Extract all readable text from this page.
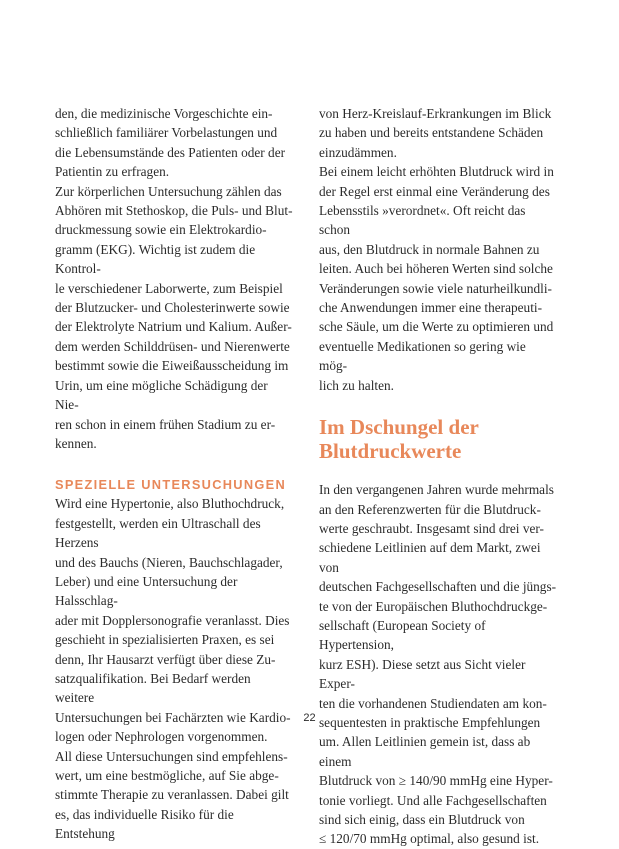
den, die medizinische Vorgeschichte ein-
schließlich familiärer Vorbelastungen und
die Lebensumstände des Patienten oder der
Patientin zu erfragen.

Zur körperlichen Untersuchung zählen das
Abhören mit Stethoskop, die Puls- und Blut-
druckmessung sowie ein Elektrokardio-
gramm (EKG). Wichtig ist zudem die Kontrol-
le verschiedener Laborwerte, zum Beispiel
der Blutzucker- und Cholesterinwerte sowie
der Elektrolyte Natrium und Kalium. Außer-
dem werden Schilddrüsen- und Nierenwerte
bestimmt sowie die Eiweißausscheidung im
Urin, um eine mögliche Schädigung der Nie-
ren schon in einem frühen Stadium zu er-
kennen.

SPEZIELLE UNTERSUCHUNGEN

Wird eine Hypertonie, also Bluthochdruck,
festgestellt, werden ein Ultraschall des Herzens
und des Bauchs (Nieren, Bauchschlagader,
Leber) und eine Untersuchung der Halsschlag-
ader mit Dopplersonografie veranlasst. Dies
geschieht in spezialisierten Praxen, es sei
denn, Ihr Hausarzt verfügt über diese Zu-
satzqualifikation. Bei Bedarf werden weitere
Untersuchungen bei Fachärzten wie Kardio-
logen oder Nephrologen vorgenommen.

All diese Untersuchungen sind empfehlens-
wert, um eine bestmögliche, auf Sie abge-
stimmte Therapie zu veranlassen. Dabei gilt
es, das individuelle Risiko für die Entstehung

von Herz-Kreislauf-Erkrankungen im Blick
zu haben und bereits entstandene Schäden
einzudämmen.

Bei einem leicht erhöhten Blutdruck wird in
der Regel erst einmal eine Veränderung des
Lebensstils »verordnet«. Oft reicht das schon
aus, den Blutdruck in normale Bahnen zu
leiten. Auch bei höheren Werten sind solche
Veränderungen sowie viele naturheilkundli-
che Anwendungen immer eine therapeuti-
sche Säule, um die Werte zu optimieren und
eventuelle Medikationen so gering wie mög-
lich zu halten.

Im Dschungel der
Blutdruckwerte

In den vergangenen Jahren wurde mehrmals
an den Referenzwerten für die Blutdruck-
werte geschraubt. Insgesamt sind drei ver-
schiedene Leitlinien auf dem Markt, zwei von
deutschen Fachgesellschaften und die jüngs-
te von der Europäischen Bluthochdruckge-
sellschaft (European Society of Hypertension,
kurz ESH). Diese setzt aus Sicht vieler Exper-
ten die vorhandenen Studiendaten am kon-
sequentesten in praktische Empfehlungen
um. Allen Leitlinien gemein ist, dass ab einem
Blutdruck von ≥ 140/90 mmHg eine Hyper-
tonie vorliegt. Und alle Fachgesellschaften
sind sich einig, dass ein Blutdruck von
≤ 120/70 mmHg optimal, also gesund ist.

22
